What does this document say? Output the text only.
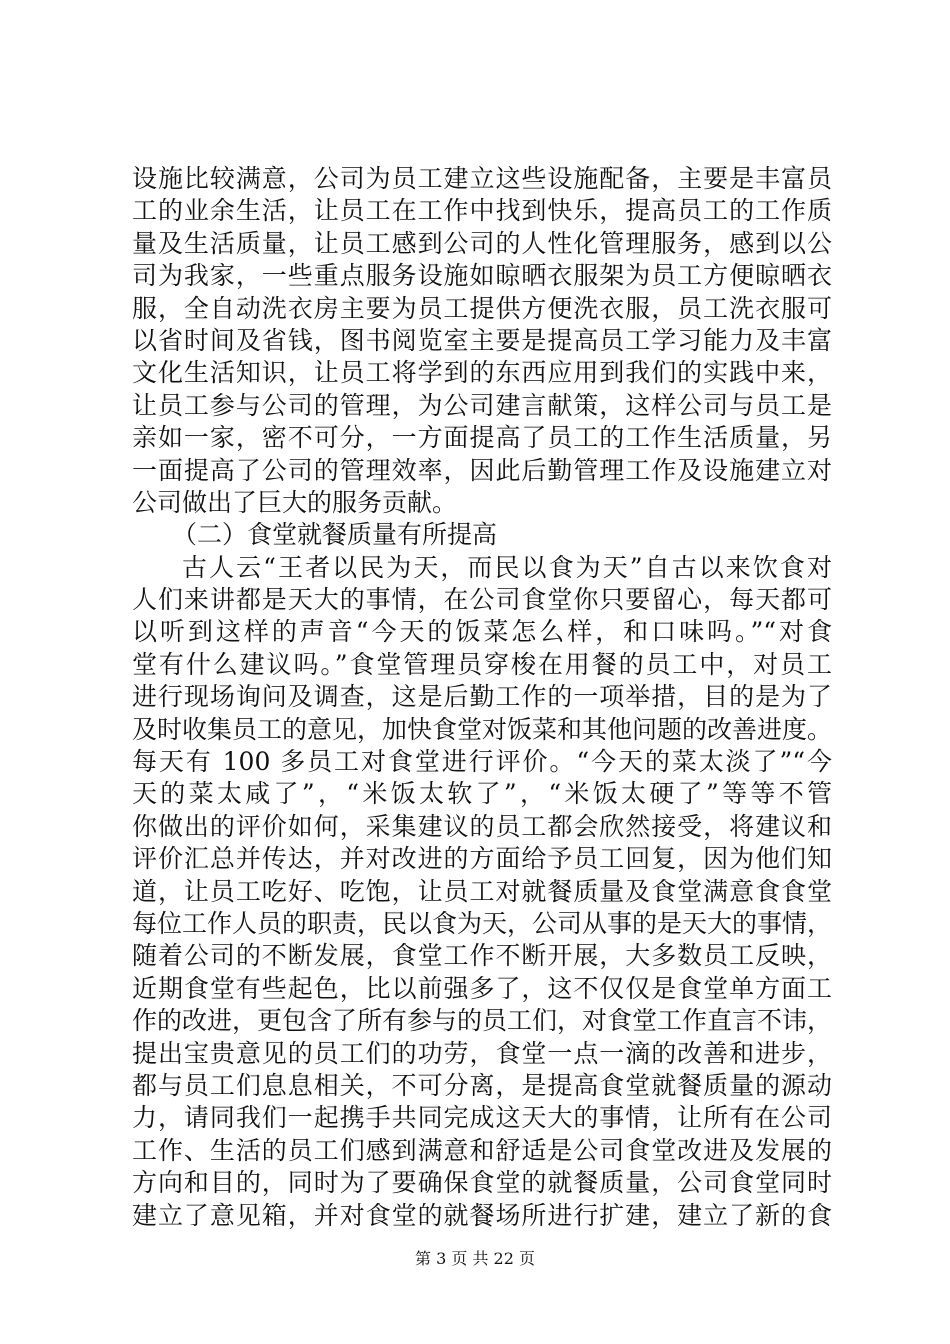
设施比较满意，公司为员工建立这些设施配备，主要是丰富员
工的业余生活，让员工在工作中找到快乐，提高员工的工作质
量及生活质量，让员工感到公司的人性化管理服务，感到以公
司为我家，一些重点服务设施如晾晒衣服架为员工方便晾晒衣
服，全自动洗衣房主要为员工提供方便洗衣服，员工洗衣服可
以省时间及省钱，图书阅览室主要是提高员工学习能力及丰富
文化生活知识，让员工将学到的东西应用到我们的实践中来，
让员工参与公司的管理，为公司建言献策，这样公司与员工是
亲如一家，密不可分，一方面提高了员工的工作生活质量，另
一面提高了公司的管理效率，因此后勤管理工作及设施建立对
公司做出了巨大的服务贡献。
（二）食堂就餐质量有所提高
古人云“王者以民为天，而民以食为天”自古以来饮食对
人们来讲都是天大的事情，在公司食堂你只要留心，每天都可
以听到这样的声音“今天的饭菜怎么样，和口味吗。”“对食
堂有什么建议吗。”食堂管理员穿梭在用餐的员工中，对员工
进行现场询问及调查，这是后勤工作的一项举措，目的是为了
及时收集员工的意见，加快食堂对饭菜和其他问题的改善进度。
每天有 100 多员工对食堂进行评价。“今天的菜太淡了”“今
天的菜太咸了”，“米饭太软了”，“米饭太硬了”等等不管
你做出的评价如何，采集建议的员工都会欣然接受，将建议和
评价汇总并传达，并对改进的方面给予员工回复，因为他们知
道，让员工吃好、吃饱，让员工对就餐质量及食堂满意食食堂
每位工作人员的职责，民以食为天，公司从事的是天大的事情，
随着公司的不断发展，食堂工作不断开展，大多数员工反映，
近期食堂有些起色，比以前强多了，这不仅仅是食堂单方面工
作的改进，更包含了所有参与的员工们，对食堂工作直言不讳，
提出宝贵意见的员工们的功劳，食堂一点一滴的改善和进步，
都与员工们息息相关，不可分离，是提高食堂就餐质量的源动
力，请同我们一起携手共同完成这天大的事情，让所有在公司
工作、生活的员工们感到满意和舒适是公司食堂改进及发展的
方向和目的，同时为了要确保食堂的就餐质量，公司食堂同时
建立了意见箱，并对食堂的就餐场所进行扩建，建立了新的食
第 3 页 共 22 页
